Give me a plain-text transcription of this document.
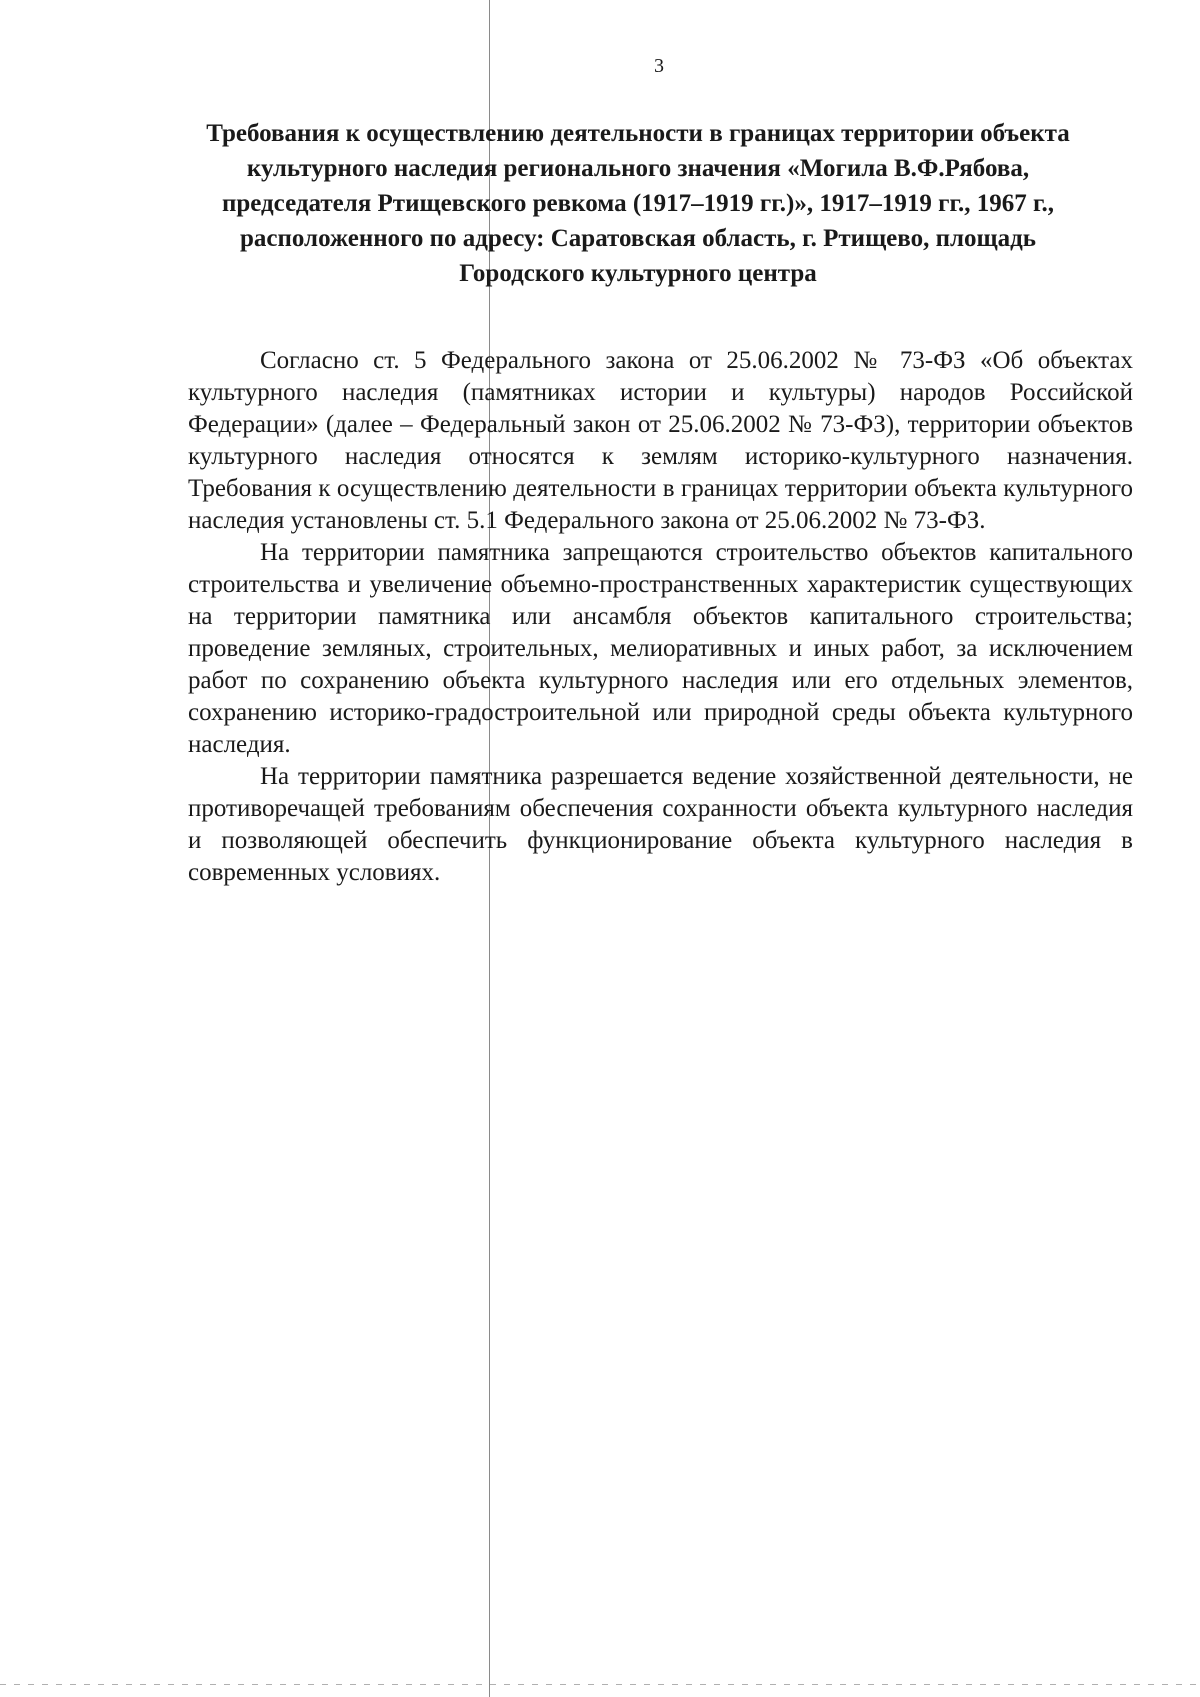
3
Требования к осуществлению деятельности в границах территории объекта культурного наследия регионального значения «Могила В.Ф.Рябова, председателя Ртищевского ревкома (1917–1919 гг.)», 1917–1919 гг., 1967 г., расположенного по адресу: Саратовская область, г. Ртищево, площадь Городского культурного центра

Согласно ст. 5 Федерального закона от 25.06.2002 № 73-ФЗ «Об объектах культурного наследия (памятниках истории и культуры) народов Российской Федерации» (далее – Федеральный закон от 25.06.2002 № 73-ФЗ), территории объектов культурного наследия относятся к землям историко-культурного назначения. Требования к осуществлению деятельности в границах территории объекта культурного наследия установлены ст. 5.1 Федерального закона от 25.06.2002 № 73-ФЗ.

На территории памятника запрещаются строительство объектов капитального строительства и увеличение объемно-пространственных характеристик существующих на территории памятника или ансамбля объектов капитального строительства; проведение земляных, строительных, мелиоративных и иных работ, за исключением работ по сохранению объекта культурного наследия или его отдельных элементов, сохранению историко-градостроительной или природной среды объекта культурного наследия.

На территории памятника разрешается ведение хозяйственной деятельности, не противоречащей требованиям обеспечения сохранности объекта культурного наследия и позволяющей обеспечить функционирование объекта культурного наследия в современных условиях.
